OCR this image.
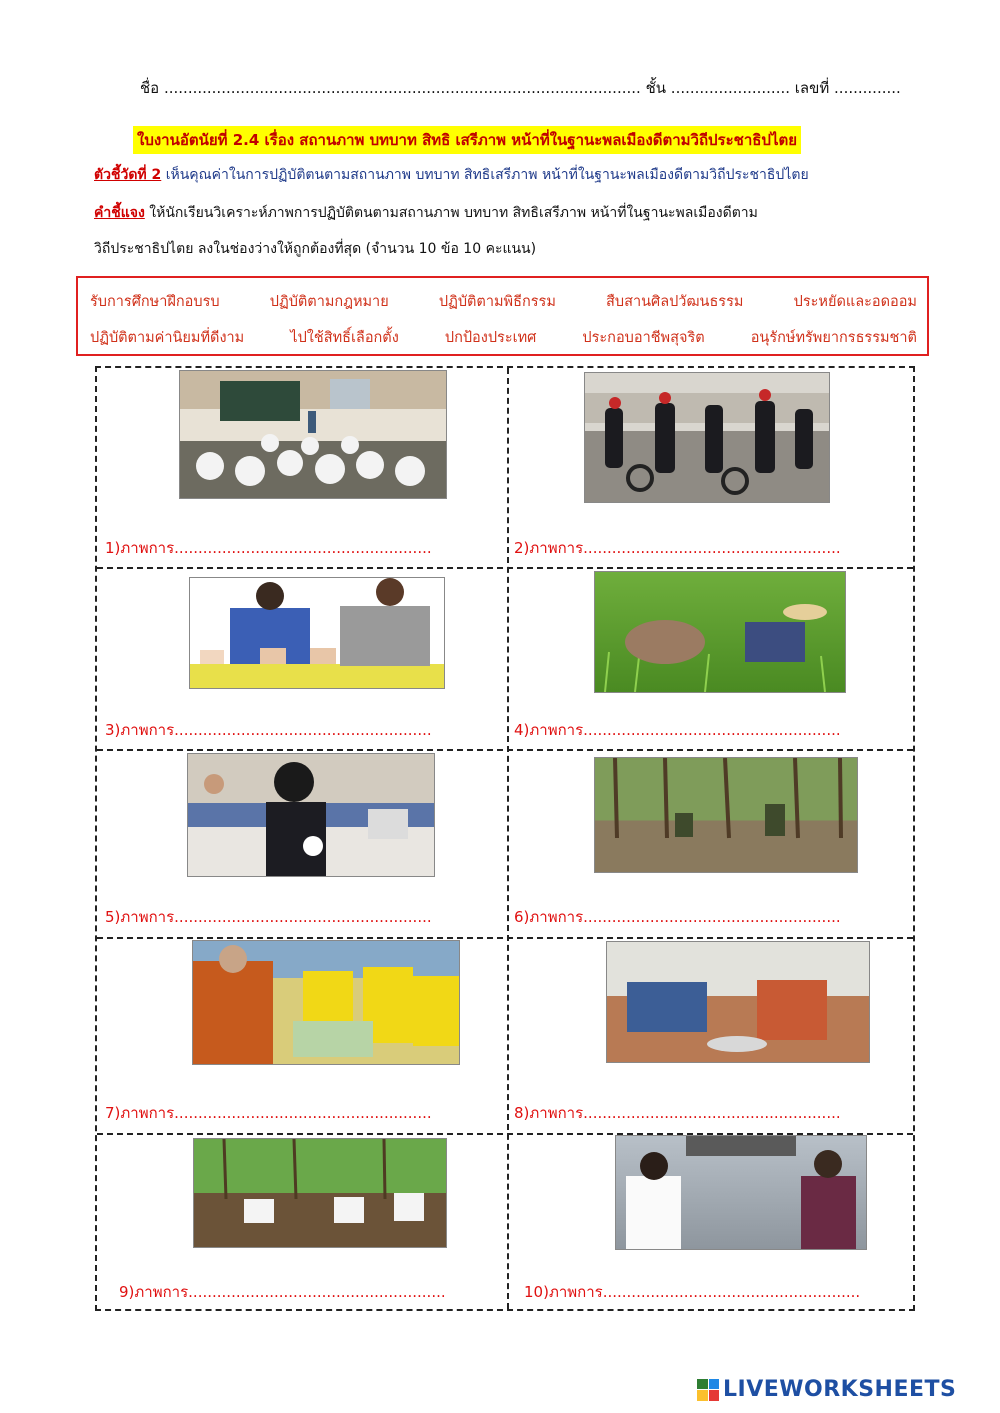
ชื่อ .................................................................................................... ชั้น ......................... เลขที่ ..............
ใบงานอัตนัยที่ 2.4 เรื่อง สถานภาพ บทบาท สิทธิ เสรีภาพ หน้าที่ในฐานะพลเมืองดีตามวิถีประชาธิปไตย
ตัวชี้วัดที่ 2 เห็นคุณค่าในการปฏิบัติตนตามสถานภาพ บทบาท สิทธิเสรีภาพ หน้าที่ในฐานะพลเมืองดีตามวิถีประชาธิปไตย
คำชี้แจง ให้นักเรียนวิเคราะห์ภาพการปฏิบัติตนตามสถานภาพ บทบาท สิทธิเสรีภาพ หน้าที่ในฐานะพลเมืองดีตาม
วิถีประชาธิปไตย ลงในช่องว่างให้ถูกต้องที่สุด (จำนวน 10 ข้อ 10 คะแนน)
รับการศึกษาฝึกอบรบ	ปฏิบัติตามกฎหมาย	ปฏิบัติตามพิธีกรรม	สืบสานศิลปวัฒนธรรม	ประหยัดและอดออม
ปฏิบัติตามค่านิยมที่ดีงาม	ไปใช้สิทธิ์เลือกตั้ง	ปกป้องประเทศ	ประกอบอาชีพสุจริต	อนุรักษ์ทรัพยากรธรรมชาติ
1)ภาพการ......................................................	2)ภาพการ......................................................
3)ภาพการ......................................................	4)ภาพการ......................................................
5)ภาพการ......................................................	6)ภาพการ......................................................
7)ภาพการ......................................................	8)ภาพการ......................................................
9)ภาพการ......................................................	10)ภาพการ......................................................
LIVEWORKSHEETS
